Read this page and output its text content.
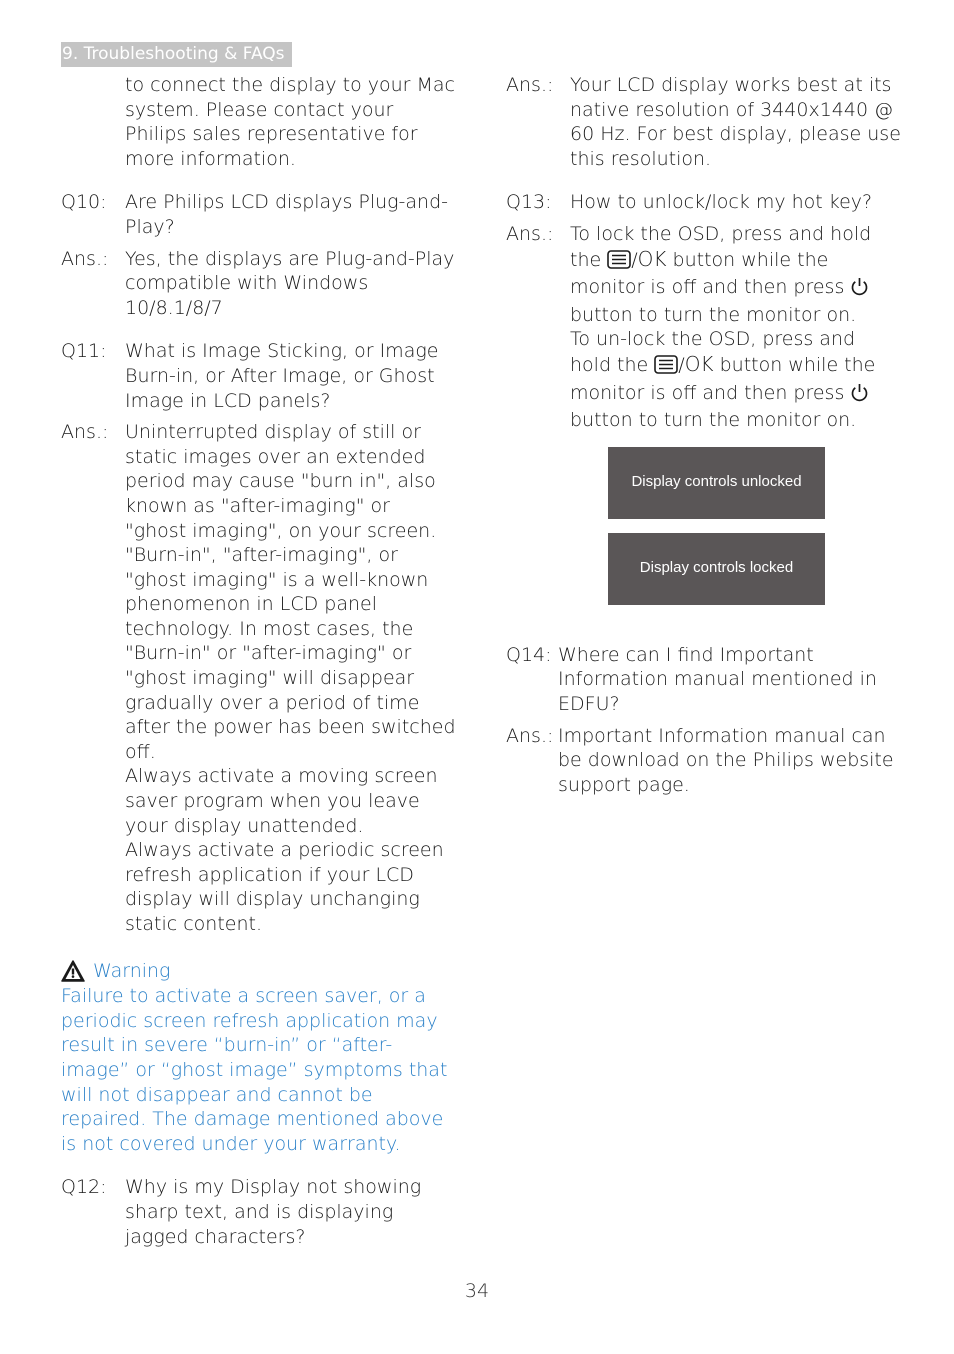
9. Troubleshooting & FAQs
to connect the display to your Mac system. Please contact your Philips sales representative for more information.
Q10: Are Philips LCD displays Plug-and- Play?
Ans.: Yes, the displays are Plug-and-Play compatible with Windows 10/8.1/8/7
Q11: What is Image Sticking, or Image Burn-in, or After Image, or Ghost Image in LCD panels?
Ans.: Uninterrupted display of still or static images over an extended period may cause "burn in", also known as "after-imaging" or "ghost imaging", on your screen. "Burn-in", "after-imaging", or "ghost imaging" is a well-known phenomenon in LCD panel technology. In most cases, the "Burn-in" or "after-imaging" or "ghost imaging" will disappear gradually over a period of time after the power has been switched off.
Always activate a moving screen saver program when you leave your display unattended.
Always activate a periodic screen refresh application if your LCD display will display unchanging static content.
Warning
Failure to activate a screen saver, or a periodic screen refresh application may result in severe “burn-in” or “after-image” or “ghost image” symptoms that will not disappear and cannot be repaired. The damage mentioned above is not covered under your warranty.
Q12: Why is my Display not showing sharp text, and is displaying jagged characters?
Ans.: Your LCD display works best at its native resolution of 3440x1440 @ 60 Hz. For best display, please use this resolution.
Q13: How to unlock/lock my hot key?
Ans.: To lock the OSD, press and hold
the /OK button while the
monitor is off and then press
button to turn the monitor on.
To un-lock the OSD, press and
hold the /OK button while the
monitor is off and then press
button to turn the monitor on.
Display controls unlocked
Display controls locked
Q14: Where can I find Important Information manual mentioned in EDFU?
Ans.: Important Information manual can be download on the Philips website support page.
34
